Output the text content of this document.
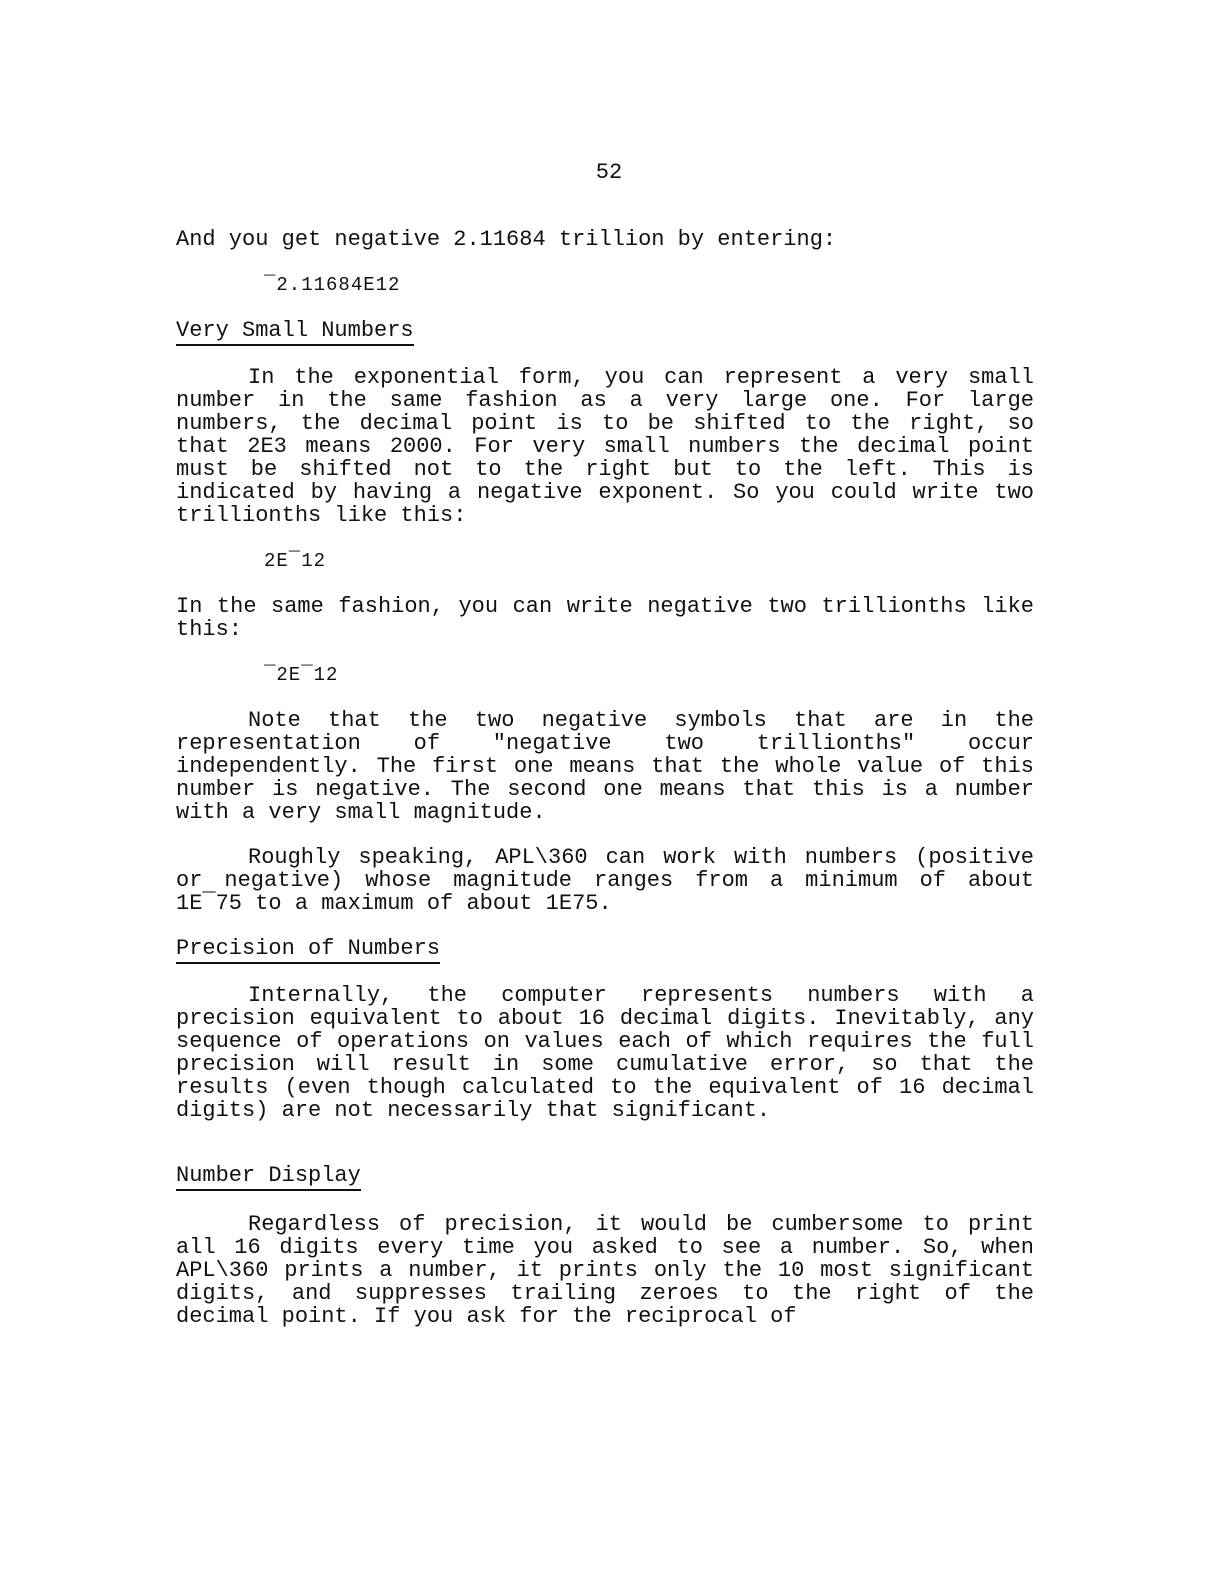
52

And you get negative 2.11684 trillion by entering:

¯2.11684E12

Very Small Numbers

In the exponential form, you can represent a very small number in the same fashion as a very large one. For large numbers, the decimal point is to be shifted to the right, so that 2E3 means 2000. For very small numbers the decimal point must be shifted not to the right but to the left. This is indicated by having a negative exponent. So you could write two trillionths like this:

2E¯12

In the same fashion, you can write negative two trillionths like this:

¯2E¯12

Note that the two negative symbols that are in the representation of "negative two trillionths" occur independently. The first one means that the whole value of this number is negative. The second one means that this is a number with a very small magnitude.

Roughly speaking, APL\360 can work with numbers (positive or negative) whose magnitude ranges from a minimum of about 1E¯75 to a maximum of about 1E75.

Precision of Numbers

Internally, the computer represents numbers with a precision equivalent to about 16 decimal digits. Inevitably, any sequence of operations on values each of which requires the full precision will result in some cumulative error, so that the results (even though calculated to the equivalent of 16 decimal digits) are not necessarily that significant.

Number Display

Regardless of precision, it would be cumbersome to print all 16 digits every time you asked to see a number. So, when APL\360 prints a number, it prints only the 10 most significant digits, and suppresses trailing zeroes to the right of the decimal point. If you ask for the reciprocal of
